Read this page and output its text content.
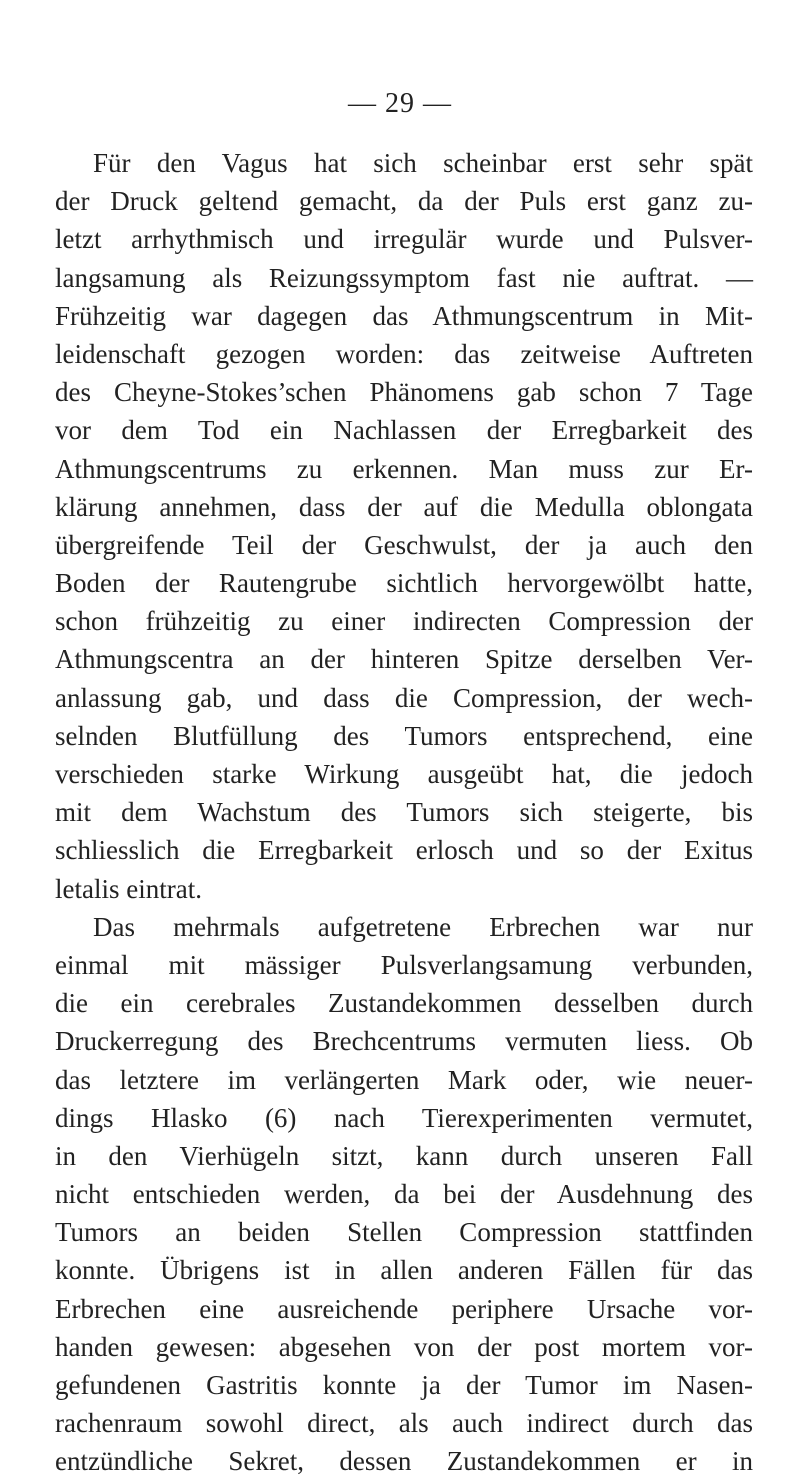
— 29 —
Für den Vagus hat sich scheinbar erst sehr spät
der Druck geltend gemacht, da der Puls erst ganz zu-
letzt arrhythmisch und irregulär wurde und Pulsver-
langsamung als Reizungssymptom fast nie auftrat. —
Frühzeitig war dagegen das Athmungscentrum in Mit-
leidenschaft gezogen worden: das zeitweise Auftreten
des Cheyne-Stokes’schen Phänomens gab schon 7 Tage
vor dem Tod ein Nachlassen der Erregbarkeit des
Athmungscentrums zu erkennen. Man muss zur Er-
klärung annehmen, dass der auf die Medulla oblongata
übergreifende Teil der Geschwulst, der ja auch den
Boden der Rautengrube sichtlich hervorgewölbt hatte,
schon frühzeitig zu einer indirecten Compression der
Athmungscentra an der hinteren Spitze derselben Ver-
anlassung gab, und dass die Compression, der wech-
selnden Blutfüllung des Tumors entsprechend, eine
verschieden starke Wirkung ausgeübt hat, die jedoch
mit dem Wachstum des Tumors sich steigerte, bis
schliesslich die Erregbarkeit erlosch und so der Exitus
letalis eintrat.
Das mehrmals aufgetretene Erbrechen war nur
einmal mit mässiger Pulsverlangsamung verbunden,
die ein cerebrales Zustandekommen desselben durch
Druckerregung des Brechcentrums vermuten liess. Ob
das letztere im verlängerten Mark oder, wie neuer-
dings Hlasko (6) nach Tierexperimenten vermutet,
in den Vierhügeln sitzt, kann durch unseren Fall
nicht entschieden werden, da bei der Ausdehnung des
Tumors an beiden Stellen Compression stattfinden
konnte. Übrigens ist in allen anderen Fällen für das
Erbrechen eine ausreichende periphere Ursache vor-
handen gewesen: abgesehen von der post mortem vor-
gefundenen Gastritis konnte ja der Tumor im Nasen-
rachenraum sowohl direct, als auch indirect durch das
entzündliche Sekret, dessen Zustandekommen er in
